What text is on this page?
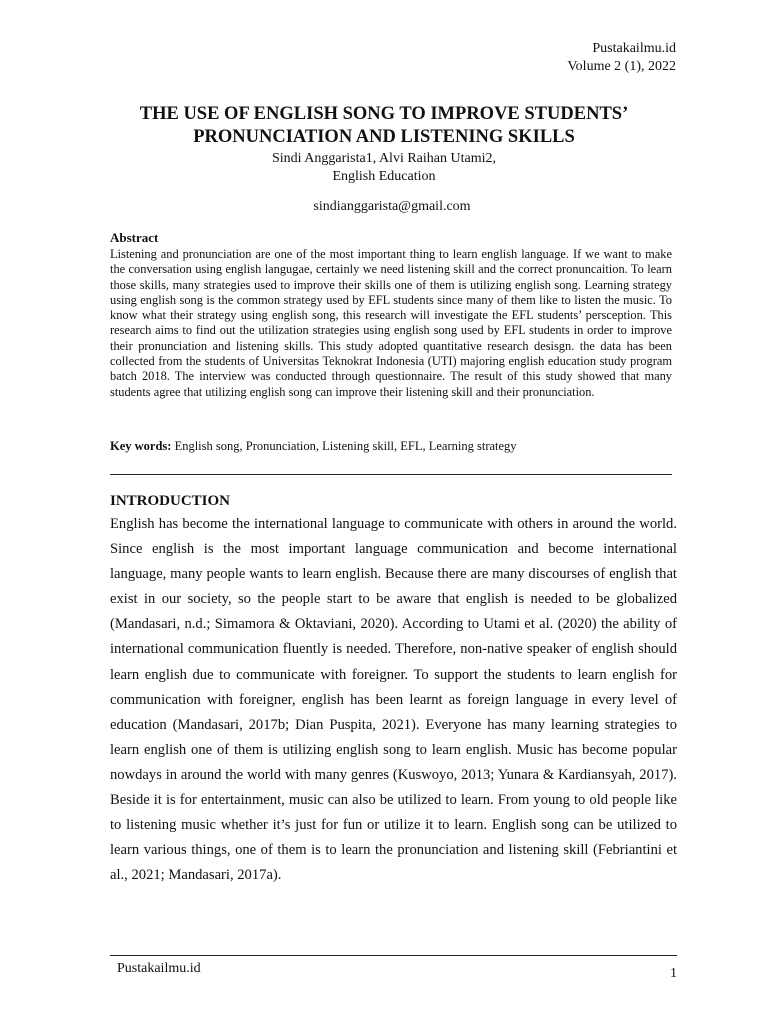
Pustakailmu.id
Volume 2 (1), 2022
THE USE OF ENGLISH SONG TO IMPROVE STUDENTS’
PRONUNCIATION AND LISTENING SKILLS
Sindi Anggarista1, Alvi Raihan Utami2,
English Education
sindianggarista@gmail.com
Abstract
Listening and pronunciation are one of the most important thing to learn english language. If we want to make the conversation using english langugae, certainly we need listening skill and the correct pronuncaition. To learn those skills, many strategies used to improve their skills one of them is utilizing english song. Learning strategy using english song is the common strategy used by EFL students since many of them like to listen the music. To know what their strategy using english song, this research will investigate the EFL students’ persception. This research aims to find out the utilization strategies using english song used by EFL students in order to improve their pronunciation and listening skills. This study adopted quantitative research desisgn. the data has been collected from the students of Universitas Teknokrat Indonesia (UTI) majoring english education study program batch 2018. The interview was conducted through questionnaire. The result of this study showed that many students agree that utilizing english song can improve their listening skill and their pronunciation.
Key words: English song, Pronunciation, Listening skill, EFL, Learning strategy
INTRODUCTION
English has become the international language to communicate with others in around the world. Since english is the most important language communication and become international language, many people wants to learn english. Because there are many discourses of english that exist in our society, so the people start to be aware that english is needed to be globalized (Mandasari, n.d.; Simamora & Oktaviani, 2020). According to Utami et al. (2020) the ability of international communication fluently is needed. Therefore, non-native speaker of english should learn english due to communicate with foreigner. To support the students to learn english for communication with foreigner, english has been learnt as foreign language in every level of education (Mandasari, 2017b; Dian Puspita, 2021). Everyone has many learning strategies to learn english one of them is utilizing english song to learn english. Music has become popular nowdays in around the world with many genres (Kuswoyo, 2013; Yunara & Kardiansyah, 2017). Beside it is for entertainment, music can also be utilized to learn. From young to old people like to listening music whether it’s just for fun or utilize it to learn. English song can be utilized to learn various things, one of them is to learn the pronunciation and listening skill (Febriantini et al., 2021; Mandasari, 2017a).
Pustakailmu.id	1
